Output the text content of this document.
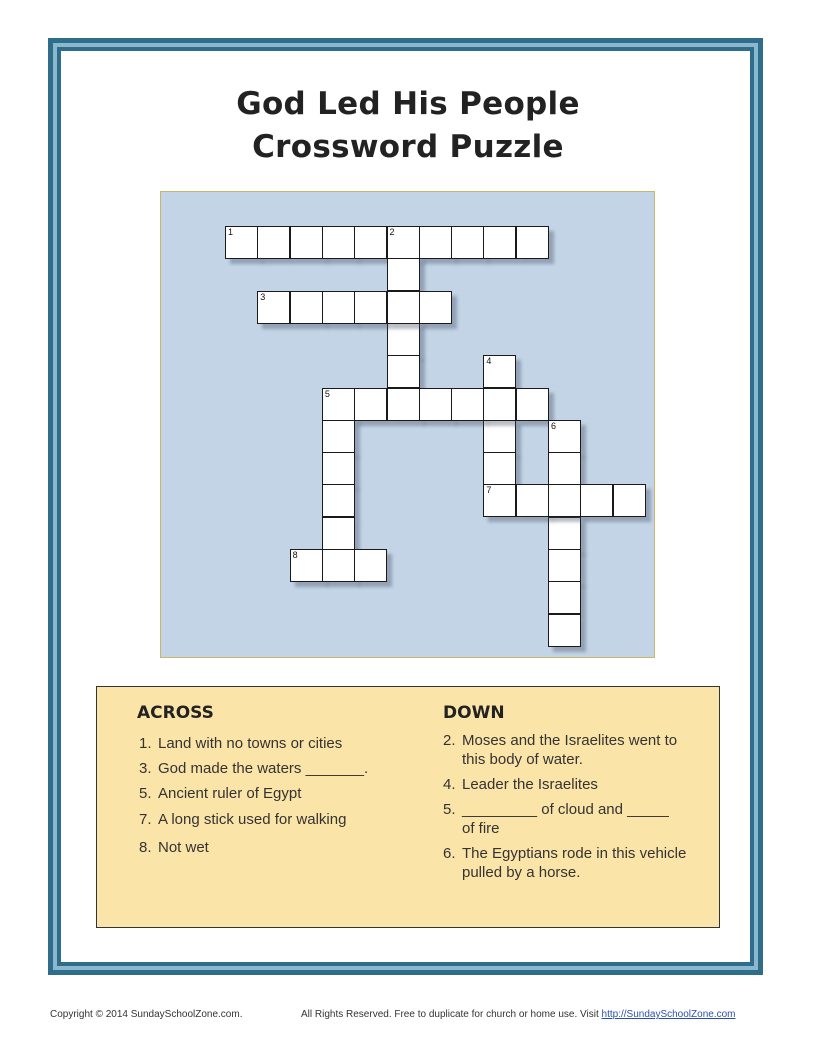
God Led His People
Crossword Puzzle
1	2
3
4
5
6
7
8
ACROSS	DOWN
1. Land with no towns or cities
3. God made the waters _______.
5. Ancient ruler of Egypt
7. A long stick used for walking
8. Not wet
2. Moses and the Israelites went to
this body of water.
4. Leader the Israelites
5. _________ of cloud and _____
of fire
6. The Egyptians rode in this vehicle
pulled by a horse.
Copyright © 2014 SundaySchoolZone.com.	All Rights Reserved. Free to duplicate for church or home use. Visit http://SundaySchoolZone.com
